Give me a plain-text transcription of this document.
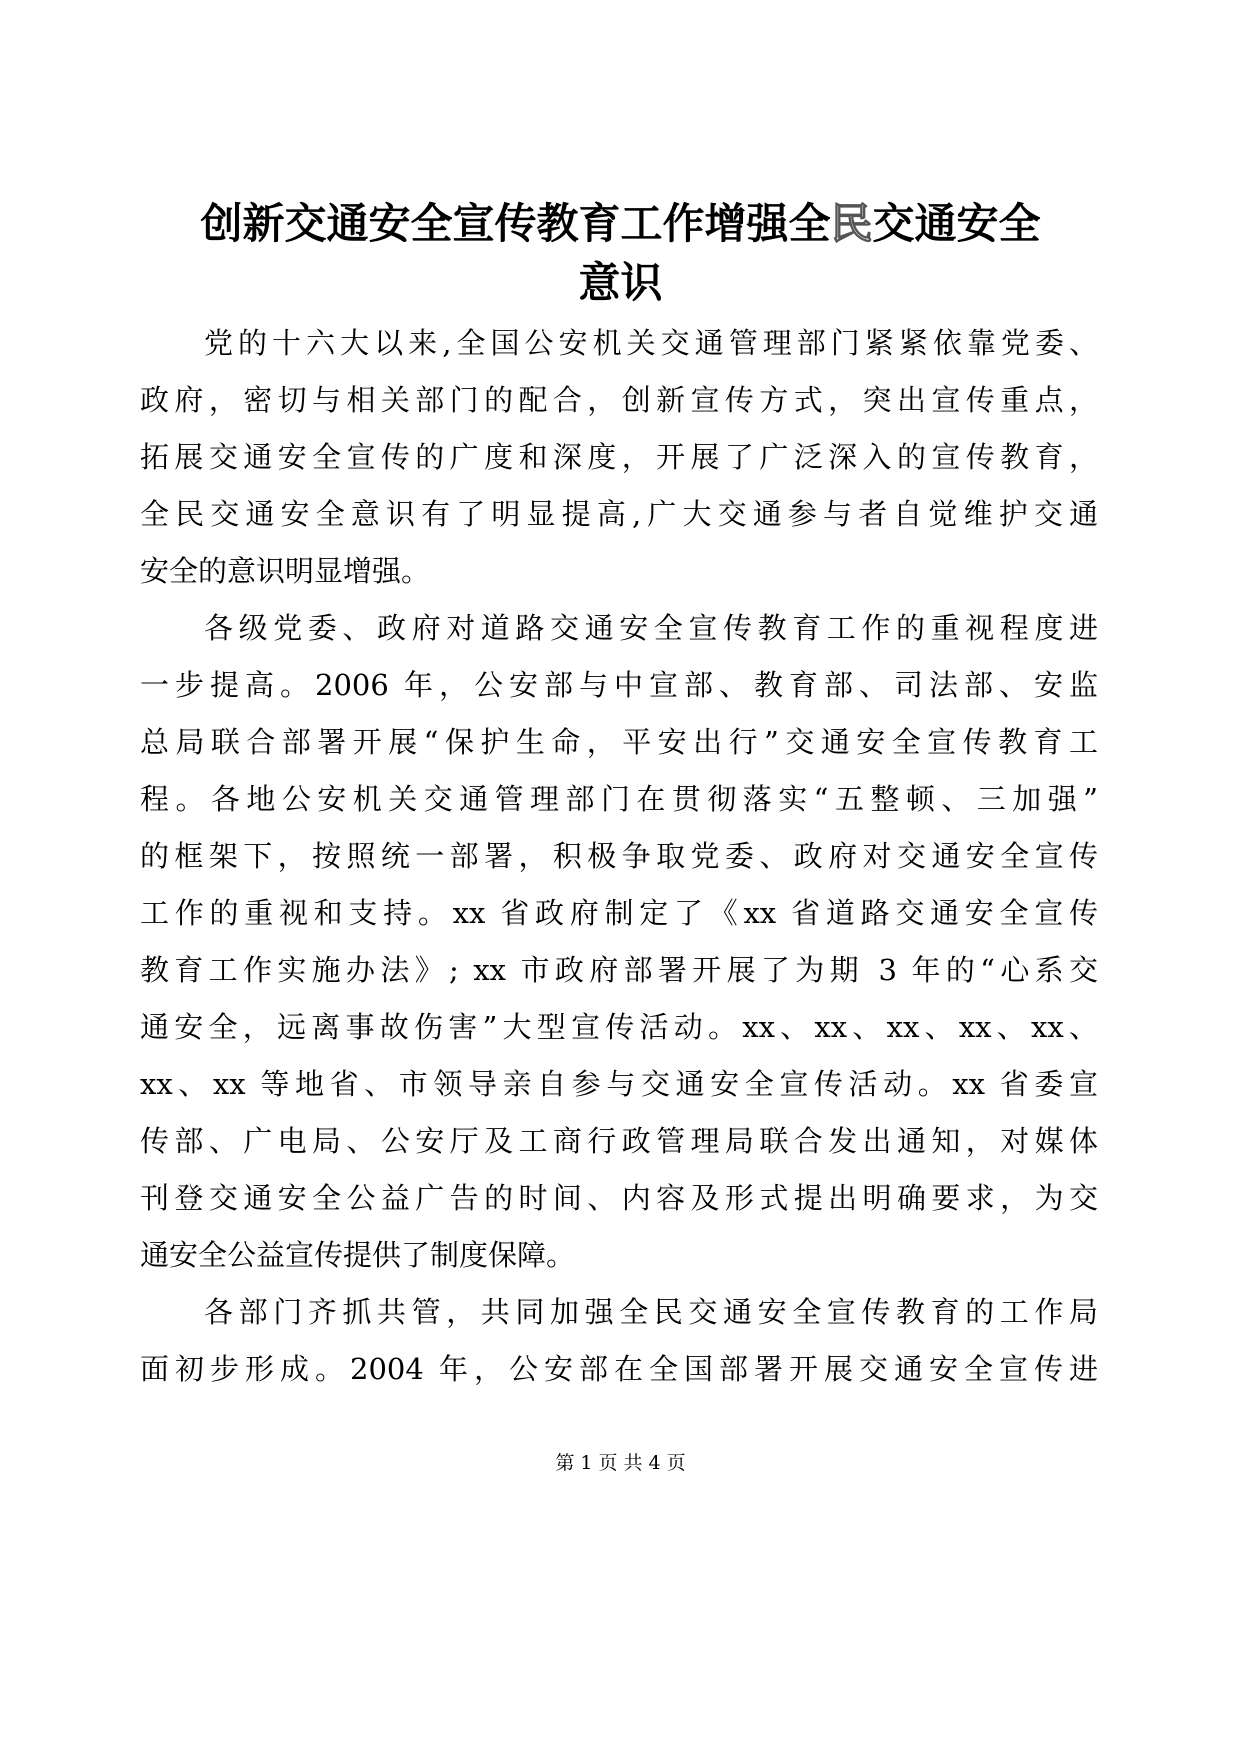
创新交通安全宣传教育工作增强全民交通安全
意识
党的十六大以来,全国公安机关交通管理部门紧紧依靠党委、
政府，密切与相关部门的配合，创新宣传方式，突出宣传重点，
拓展交通安全宣传的广度和深度，开展了广泛深入的宣传教育，
全民交通安全意识有了明显提高,广大交通参与者自觉维护交通
安全的意识明显增强。
各级党委、政府对道路交通安全宣传教育工作的重视程度进
一步提高。2006 年，公安部与中宣部、教育部、司法部、安监
总局联合部署开展“保护生命，平安出行”交通安全宣传教育工
程。各地公安机关交通管理部门在贯彻落实“五整顿、三加强”
的框架下，按照统一部署，积极争取党委、政府对交通安全宣传
工作的重视和支持。xx 省政府制定了《xx 省道路交通安全宣传
教育工作实施办法》; xx 市政府部署开展了为期 3 年的“心系交
通安全，远离事故伤害”大型宣传活动。xx、xx、xx、xx、xx、
xx、xx 等地省、市领导亲自参与交通安全宣传活动。xx 省委宣
传部、广电局、公安厅及工商行政管理局联合发出通知，对媒体
刊登交通安全公益广告的时间、内容及形式提出明确要求，为交
通安全公益宣传提供了制度保障。
各部门齐抓共管，共同加强全民交通安全宣传教育的工作局
面初步形成。2004 年，公安部在全国部署开展交通安全宣传进
第 1 页 共 4 页
